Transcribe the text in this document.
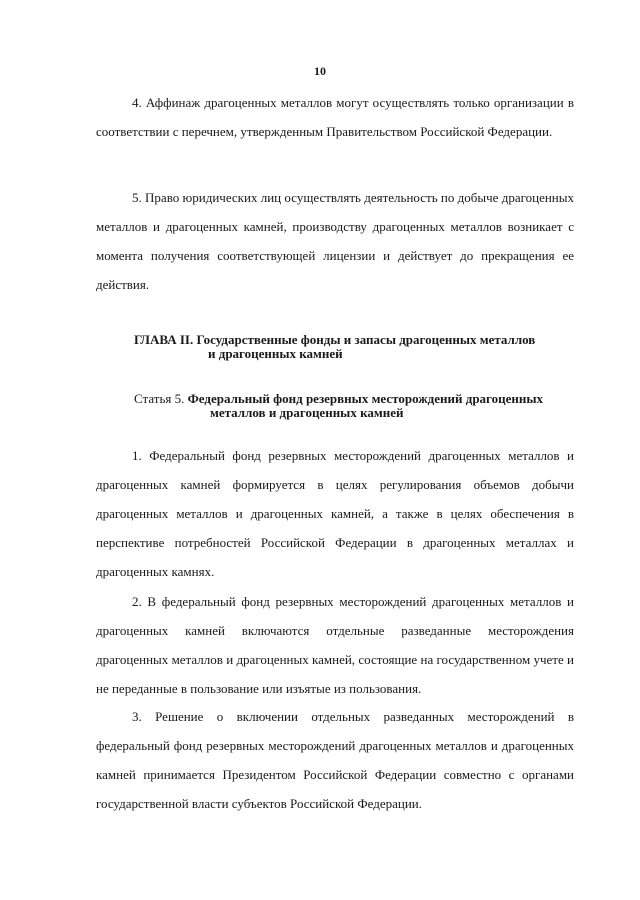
10

4. Аффинаж драгоценных металлов могут осуществлять только организации в соответствии с перечнем, утвержденным Правительством Российской Федерации.

5. Право юридических лиц осуществлять деятельность по добыче драгоценных металлов и драгоценных камней, производству драгоценных металлов возникает с момента получения соответствующей лицензии и действует до прекращения ее действия.

ГЛАВА II. Государственные фонды и запасы драгоценных металлов
и драгоценных камней
Статья 5. Федеральный фонд резервных месторождений драгоценных
металлов и драгоценных камней

1. Федеральный фонд резервных месторождений драгоценных металлов и драгоценных камней формируется в целях регулирования объемов добычи драгоценных металлов и драгоценных камней, а также в целях обеспечения в перспективе потребностей Российской Федерации в драгоценных металлах и драгоценных камнях.

2. В федеральный фонд резервных месторождений драгоценных металлов и драгоценных камней включаются отдельные разведанные месторождения драгоценных металлов и драгоценных камней, состоящие на государственном учете и не переданные в пользование или изъятые из пользования.

3. Решение о включении отдельных разведанных месторождений в федеральный фонд резервных месторождений драгоценных металлов и драгоценных камней принимается Президентом Российской Федерации совместно с органами государственной власти субъектов Российской Федерации.
